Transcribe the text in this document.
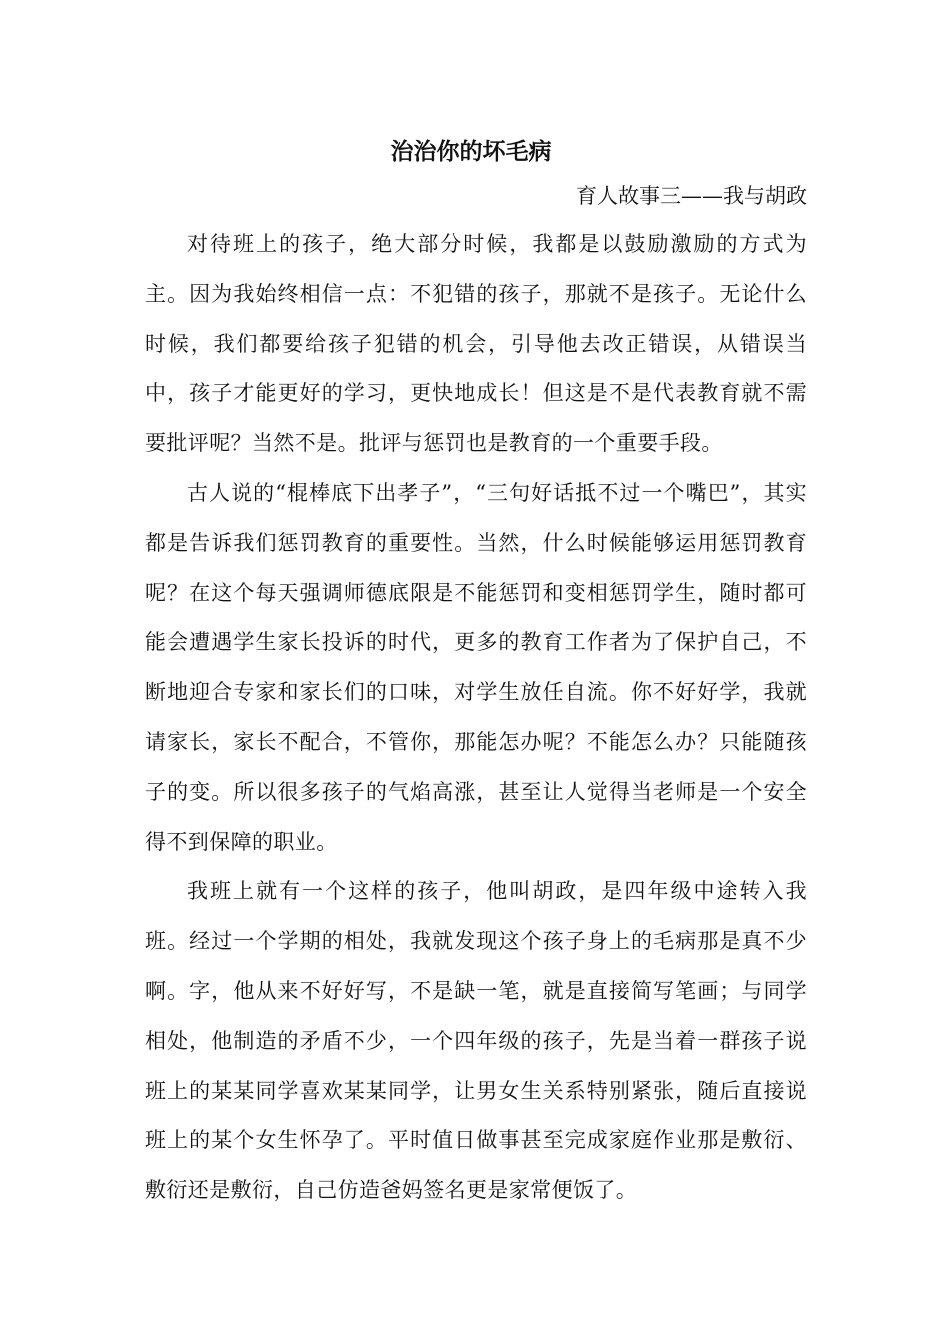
治治你的坏毛病
育人故事三——我与胡政

对待班上的孩子，绝大部分时候，我都是以鼓励激励的方式为主。因为我始终相信一点：不犯错的孩子，那就不是孩子。无论什么时候，我们都要给孩子犯错的机会，引导他去改正错误，从错误当中，孩子才能更好的学习，更快地成长！但这是不是代表教育就不需要批评呢？当然不是。批评与惩罚也是教育的一个重要手段。

古人说的“棍棒底下出孝子”，“三句好话抵不过一个嘴巴”，其实都是告诉我们惩罚教育的重要性。当然，什么时候能够运用惩罚教育呢？在这个每天强调师德底限是不能惩罚和变相惩罚学生，随时都可能会遭遇学生家长投诉的时代，更多的教育工作者为了保护自己，不断地迎合专家和家长们的口味，对学生放任自流。你不好好学，我就请家长，家长不配合，不管你，那能怎办呢？不能怎么办？只能随孩子的变。所以很多孩子的气焰高涨，甚至让人觉得当老师是一个安全得不到保障的职业。

我班上就有一个这样的孩子，他叫胡政，是四年级中途转入我班。经过一个学期的相处，我就发现这个孩子身上的毛病那是真不少啊。字，他从来不好好写，不是缺一笔，就是直接简写笔画；与同学相处，他制造的矛盾不少，一个四年级的孩子，先是当着一群孩子说班上的某某同学喜欢某某同学，让男女生关系特别紧张，随后直接说班上的某个女生怀孕了。平时值日做事甚至完成家庭作业那是敷衍、敷衍还是敷衍，自己仿造爸妈签名更是家常便饭了。
